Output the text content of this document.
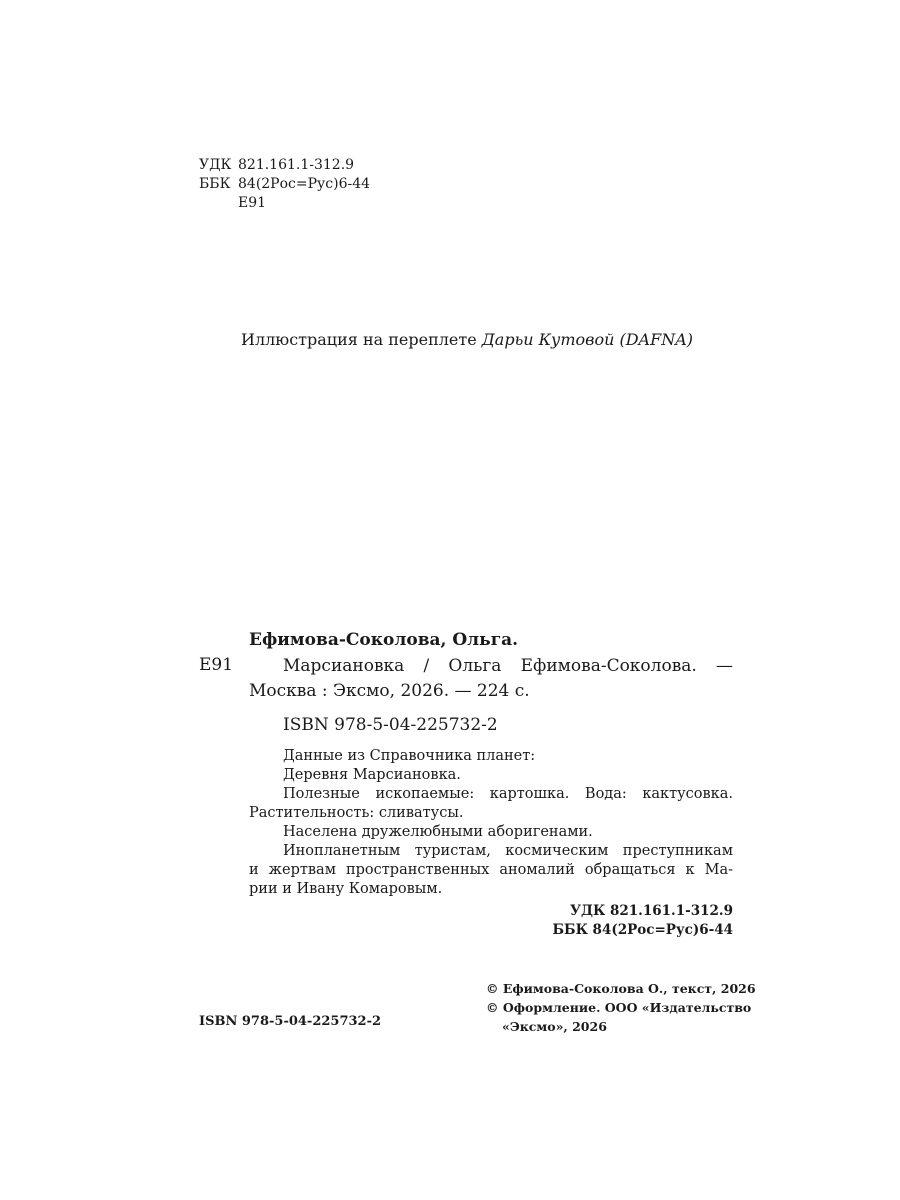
УДК 821.161.1-312.9
ББК 84(2Рос=Рус)6-44
Е91
Иллюстрация на переплете Дарьи Кутовой (DAFNA)
Ефимова-Соколова, Ольга.
Е91	Марсиановка / Ольга Ефимова-Соколова. —
Москва : Эксмо, 2026. — 224 с.
ISBN 978-5-04-225732-2

Данные из Справочника планет:

Деревня Марсиановка.

Полезные ископаемые: картошка. Вода: кактусовка.
Растительность: сливатусы.

Населена дружелюбными аборигенами.

Инопланетным туристам, космическим преступникам
и жертвам пространственных аномалий обращаться к Ма-
рии и Ивану Комаровым.
УДК 821.161.1-312.9
ББК 84(2Рос=Рус)6-44
ISBN 978-5-04-225732-2
© Ефимова-Соколова О., текст, 2026
© Оформление. ООО «Издательство
«Эксмо», 2026
